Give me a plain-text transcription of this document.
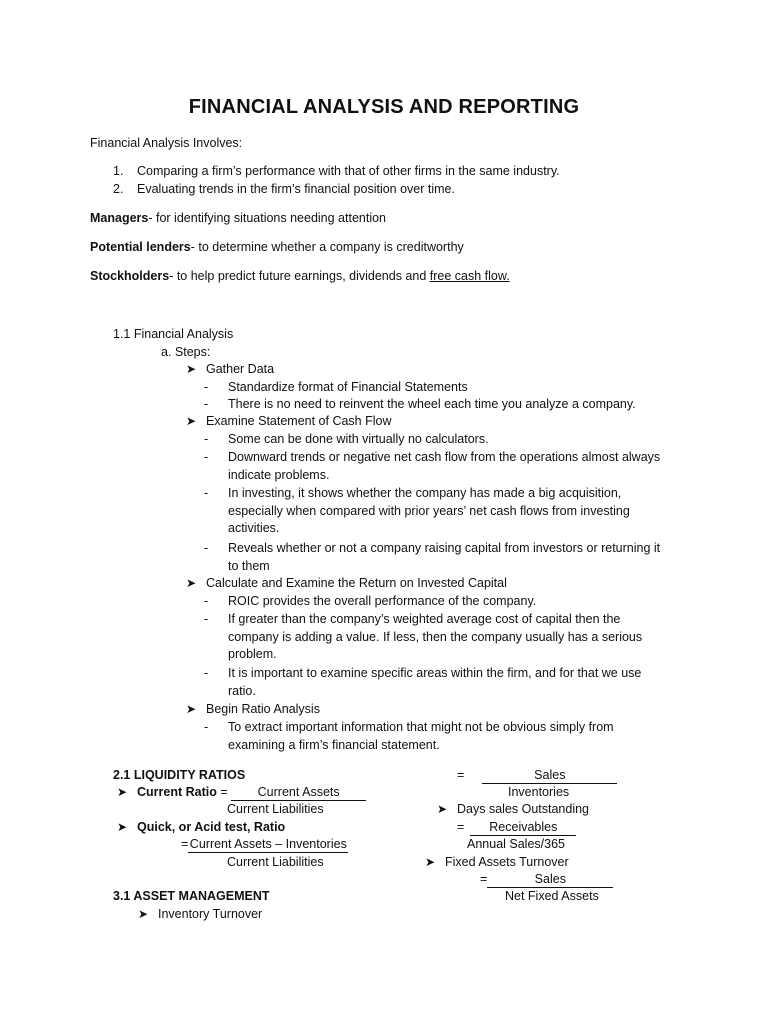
FINANCIAL ANALYSIS AND REPORTING
Financial Analysis Involves:
1. Comparing a firm’s performance with that of other firms in the same industry.
2. Evaluating trends in the firm’s financial position over time.
Managers- for identifying situations needing attention
Potential lenders- to determine whether a company is creditworthy
Stockholders- to help predict future earnings, dividends and free cash flow.
1.1 Financial Analysis
a. Steps:
➤ Gather Data
- Standardize format of Financial Statements
- There is no need to reinvent the wheel each time you analyze a company.
➤ Examine Statement of Cash Flow
- Some can be done with virtually no calculators.
-	Downward trends or negative net cash flow from the operations almost always indicate problems.
-	In investing, it shows whether the company has made a big acquisition, especially when compared with prior years’ net cash flows from investing activities.
-	Reveals whether or not a company raising capital from investors or returning it to them
➤ Calculate and Examine the Return on Invested Capital
- ROIC provides the overall performance of the company.
-	If greater than the company’s weighted average cost of capital then the company is adding a value. If less, then the company usually has a serious problem.
-	It is important to examine specific areas within the firm, and for that we use ratio.
➤ Begin Ratio Analysis
-	To extract important information that might not be obvious simply from examining a firm’s financial statement.
2.1 LIQUIDITY RATIOS
➤ Current Ratio = Current Assets
Current Liabilities
➤ Quick, or Acid test, Ratio
=Current Assets – Inventories
Current Liabilities
3.1 ASSET MANAGEMENT
➤ Inventory Turnover
=	Sales
Inventories
➤ Days sales Outstanding
= Receivables
Annual Sales/365
➤ Fixed Assets Turnover
=	Sales
Net Fixed Assets
